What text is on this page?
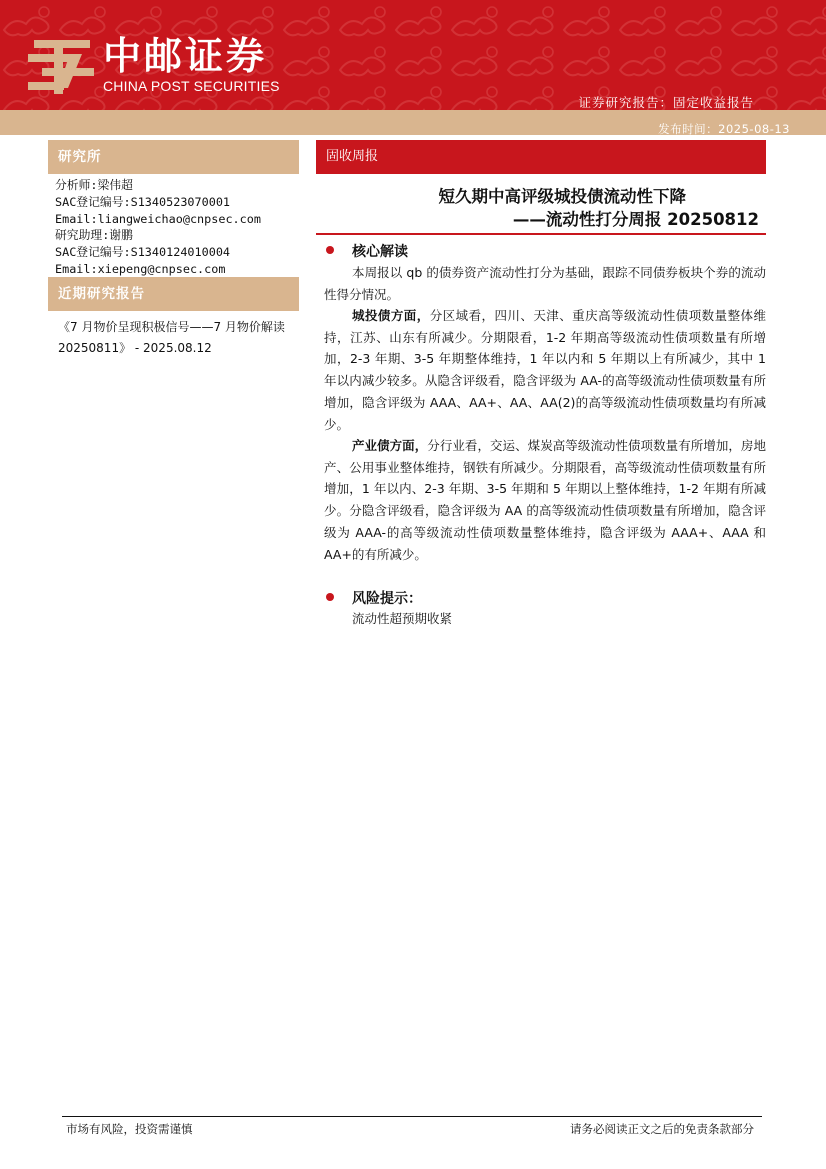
中邮证券
CHINA POST SECURITIES
证券研究报告：固定收益报告
发布时间：2025-08-13
研究所
分析师:梁伟超
SAC登记编号:S1340523070001
Email:liangweichao@cnpsec.com
研究助理:谢鹏
SAC登记编号:S1340124010004
Email:xiepeng@cnpsec.com
近期研究报告
《7 月物价呈现积极信号——7 月物价解读 20250811》 - 2025.08.12
固收周报
短久期中高评级城投债流动性下降
——流动性打分周报 20250812
核心解读
本周报以 qb 的债券资产流动性打分为基础，跟踪不同债券板块个券的流动性得分情况。
城投债方面，分区域看，四川、天津、重庆高等级流动性债项数量整体维持，江苏、山东有所减少。分期限看，1-2 年期高等级流动性债项数量有所增加，2-3 年期、3-5 年期整体维持，1 年以内和 5 年期以上有所减少，其中 1 年以内减少较多。从隐含评级看，隐含评级为 AA-的高等级流动性债项数量有所增加，隐含评级为 AAA、AA+、AA、AA(2)的高等级流动性债项数量均有所减少。
产业债方面，分行业看，交运、煤炭高等级流动性债项数量有所增加，房地产、公用事业整体维持，钢铁有所减少。分期限看，高等级流动性债项数量有所增加，1 年以内、2-3 年期、3-5 年期和 5 年期以上整体维持，1-2 年期有所减少。分隐含评级看，隐含评级为 AA 的高等级流动性债项数量有所增加，隐含评级为 AAA-的高等级流动性债项数量整体维持，隐含评级为 AAA+、AAA 和 AA+的有所减少。
风险提示：
流动性超预期收紧
市场有风险，投资需谨慎	请务必阅读正文之后的免责条款部分
